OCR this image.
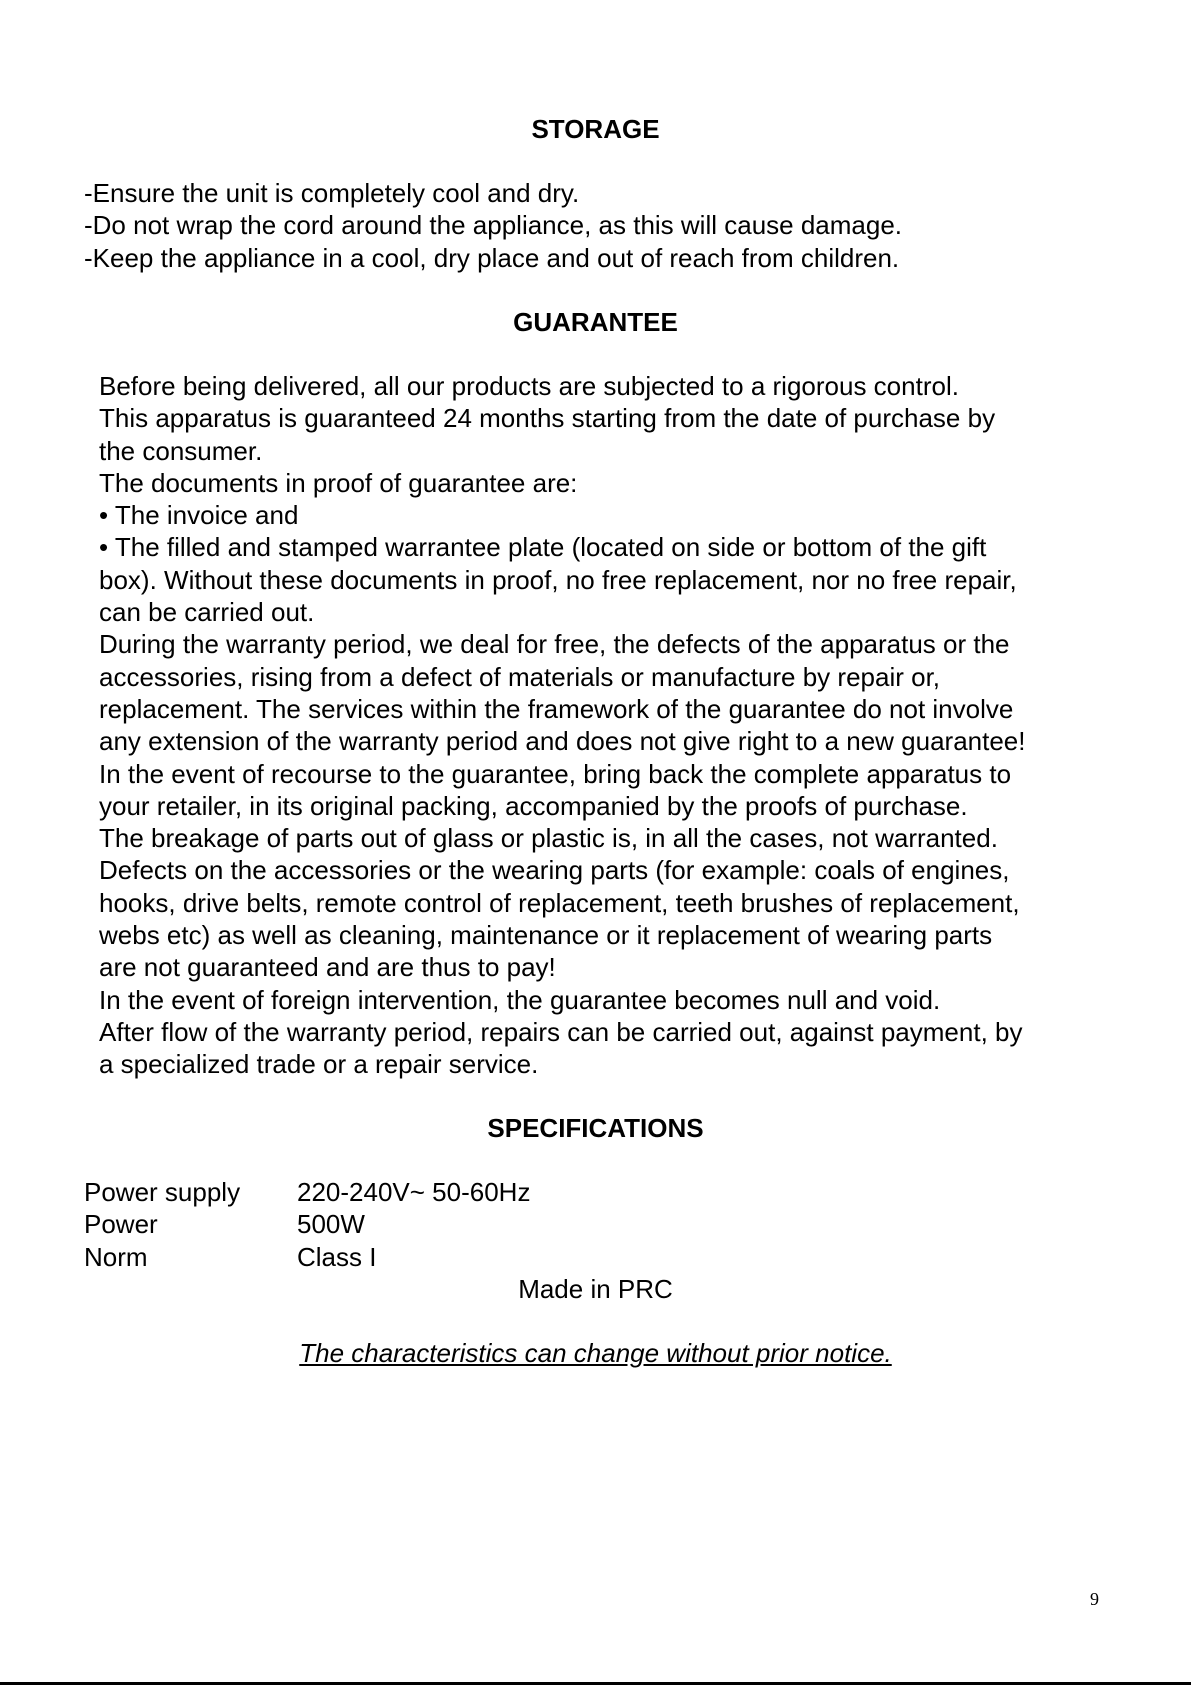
STORAGE
-Ensure the unit is completely cool and dry.
-Do not wrap the cord around the appliance, as this will cause damage.
-Keep the appliance in a cool, dry place and out of reach from children.
GUARANTEE
Before being delivered, all our products are subjected to a rigorous control.
This apparatus is guaranteed 24 months starting from the date of purchase by
the consumer.
The documents in proof of guarantee are:
• The invoice and
• The filled and stamped warrantee plate (located on side or bottom of the gift
box). Without these documents in proof, no free replacement, nor no free repair,
can be carried out.
During the warranty period, we deal for free, the defects of the apparatus or the
accessories, rising from a defect of materials or manufacture by repair or,
replacement. The services within the framework of the guarantee do not involve
any extension of the warranty period and does not give right to a new guarantee!
In the event of recourse to the guarantee, bring back the complete apparatus to
your retailer, in its original packing, accompanied by the proofs of purchase.
The breakage of parts out of glass or plastic is, in all the cases, not warranted.
Defects on the accessories or the wearing parts (for example: coals of engines,
hooks, drive belts, remote control of replacement, teeth brushes of replacement,
webs etc) as well as cleaning, maintenance or it replacement of wearing parts
are not guaranteed and are thus to pay!
In the event of foreign intervention, the guarantee becomes null and void.
After flow of the warranty period, repairs can be carried out, against payment, by
a specialized trade or a repair service.
SPECIFICATIONS
Power supply	220-240V~ 50-60Hz
Power	500W
Norm	Class I
Made in PRC
The characteristics can change without prior notice.
9
